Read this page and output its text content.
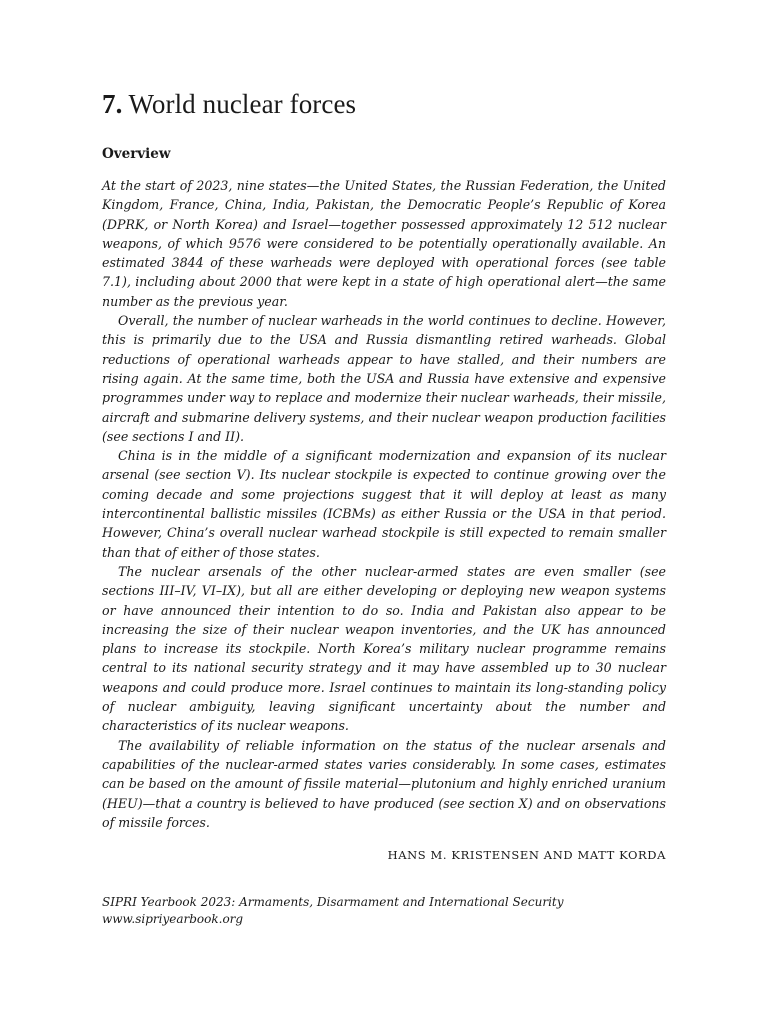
7. World nuclear forces
Overview

At the start of 2023, nine states—the United States, the Russian Federation, the United Kingdom, France, China, India, Pakistan, the Democratic People’s Republic of Korea (DPRK, or North Korea) and Israel—together possessed approximately 12 512 nuclear weapons, of which 9576 were considered to be potentially operationally available. An estimated 3844 of these warheads were deployed with operational forces (see table 7.1), including about 2000 that were kept in a state of high operational alert—the same number as the previous year.

Overall, the number of nuclear warheads in the world continues to decline. However, this is primarily due to the USA and Russia dismantling retired warheads. Global reductions of operational warheads appear to have stalled, and their numbers are rising again. At the same time, both the USA and Russia have extensive and expensive programmes under way to replace and modernize their nuclear warheads, their missile, aircraft and submarine delivery systems, and their nuclear weapon production facilities (see sections I and II).

China is in the middle of a significant modernization and expansion of its nuclear arsenal (see section V). Its nuclear stockpile is expected to continue growing over the coming decade and some projections suggest that it will deploy at least as many intercontinental ballistic missiles (ICBMs) as either Russia or the USA in that period. However, China’s overall nuclear warhead stockpile is still expected to remain smaller than that of either of those states.

The nuclear arsenals of the other nuclear-armed states are even smaller (see sections III–IV, VI–IX), but all are either developing or deploying new weapon systems or have announced their intention to do so. India and Pakistan also appear to be increasing the size of their nuclear weapon inventories, and the UK has announced plans to increase its stockpile. North Korea’s military nuclear programme remains central to its national security strategy and it may have assembled up to 30 nuclear weapons and could produce more. Israel continues to maintain its long-standing policy of nuclear ambiguity, leaving significant uncertainty about the number and characteristics of its nuclear weapons.

The availability of reliable information on the status of the nuclear arsenals and capabilities of the nuclear-armed states varies considerably. In some cases, estimates can be based on the amount of fissile material—plutonium and highly enriched uranium (HEU)—that a country is believed to have produced (see section X) and on observations of missile forces.

HANS M. KRISTENSEN AND MATT KORDA
SIPRI Yearbook 2023: Armaments, Disarmament and International Security
www.sipriyearbook.org
